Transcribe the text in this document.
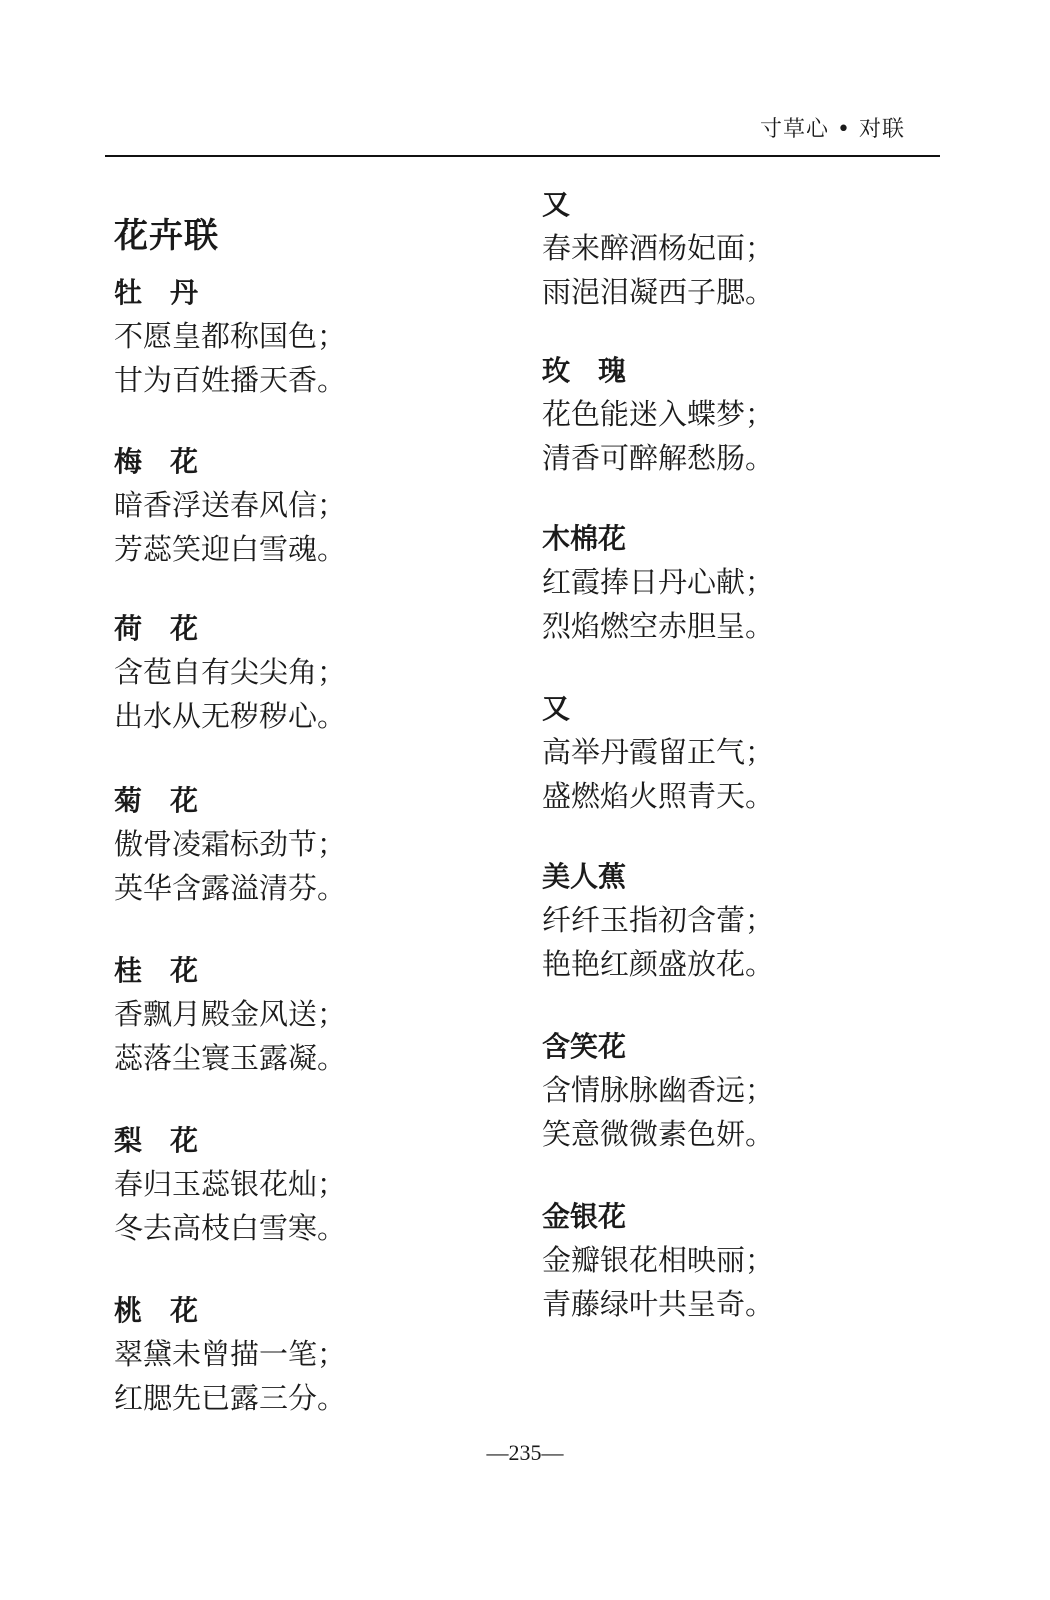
寸草心 • 对联
花卉联
牡　丹
不愿皇都称国色；
甘为百姓播天香。
梅　花
暗香浮送春风信；
芳蕊笑迎白雪魂。
荷　花
含苞自有尖尖角；
出水从无秽秽心。
菊　花
傲骨凌霜标劲节；
英华含露溢清芬。
桂　花
香飘月殿金风送；
蕊落尘寰玉露凝。
梨　花
春归玉蕊银花灿；
冬去高枝白雪寒。
桃　花
翠黛未曾描一笔；
红腮先已露三分。
又
春来醉酒杨妃面；
雨浥泪凝西子腮。
玫　瑰
花色能迷入蝶梦；
清香可醉解愁肠。
木棉花
红霞捧日丹心献；
烈焰燃空赤胆呈。
又
高举丹霞留正气；
盛燃焰火照青天。
美人蕉
纤纤玉指初含蕾；
艳艳红颜盛放花。
含笑花
含情脉脉幽香远；
笑意微微素色妍。
金银花
金瓣银花相映丽；
青藤绿叶共呈奇。
—235—
